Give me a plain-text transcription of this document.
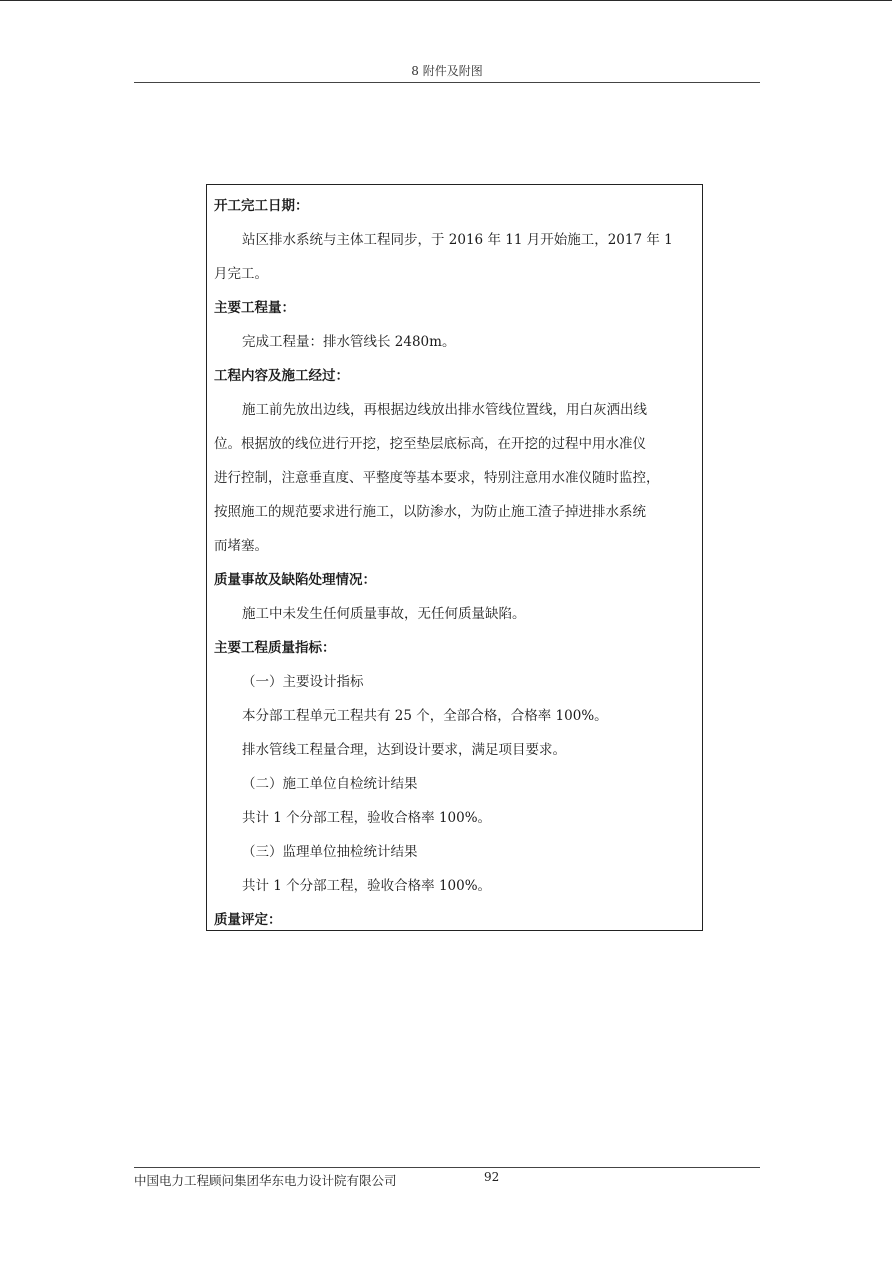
8 附件及附图
开工完工日期：
站区排水系统与主体工程同步，于 2016 年 11 月开始施工，2017 年 1
月完工。
主要工程量：
完成工程量：排水管线长 2480m。
工程内容及施工经过：
施工前先放出边线，再根据边线放出排水管线位置线，用白灰洒出线
位。根据放的线位进行开挖，挖至垫层底标高，在开挖的过程中用水准仪
进行控制，注意垂直度、平整度等基本要求，特别注意用水准仪随时监控，
按照施工的规范要求进行施工，以防渗水，为防止施工渣子掉进排水系统
而堵塞。
质量事故及缺陷处理情况：
施工中未发生任何质量事故，无任何质量缺陷。
主要工程质量指标：
（一）主要设计指标
本分部工程单元工程共有 25 个，全部合格，合格率 100%。
排水管线工程量合理，达到设计要求，满足项目要求。
（二）施工单位自检统计结果
共计 1 个分部工程，验收合格率 100%。
（三）监理单位抽检统计结果
共计 1 个分部工程，验收合格率 100%。
质量评定：
中国电力工程顾问集团华东电力设计院有限公司	92
